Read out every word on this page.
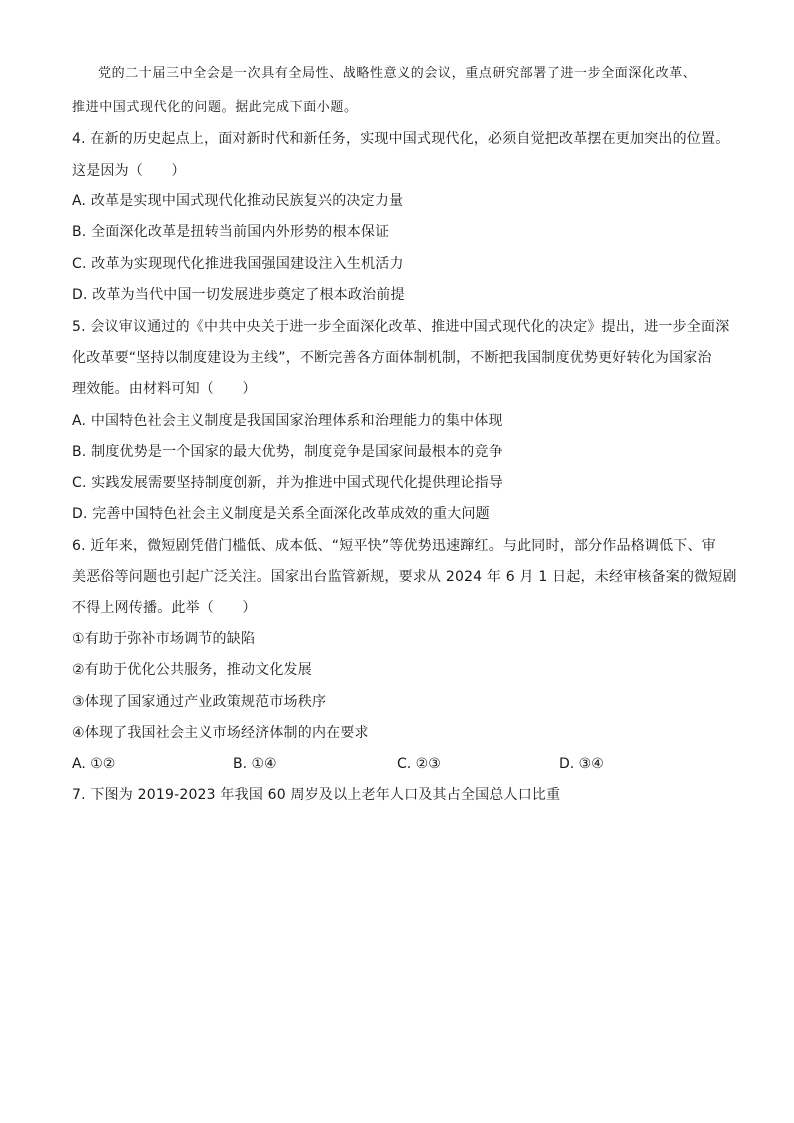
党的二十届三中全会是一次具有全局性、战略性意义的会议，重点研究部署了进一步全面深化改革、
推进中国式现代化的问题。据此完成下面小题。
4. 在新的历史起点上，面对新时代和新任务，实现中国式现代化，必须自觉把改革摆在更加突出的位置。
这是因为（　　）
A. 改革是实现中国式现代化推动民族复兴的决定力量
B. 全面深化改革是扭转当前国内外形势的根本保证
C. 改革为实现现代化推进我国强国建设注入生机活力
D. 改革为当代中国一切发展进步奠定了根本政治前提
5. 会议审议通过的《中共中央关于进一步全面深化改革、推进中国式现代化的决定》提出，进一步全面深
化改革要“坚持以制度建设为主线”，不断完善各方面体制机制，不断把我国制度优势更好转化为国家治
理效能。由材料可知（　　）
A. 中国特色社会主义制度是我国国家治理体系和治理能力的集中体现
B. 制度优势是一个国家的最大优势，制度竞争是国家间最根本的竞争
C. 实践发展需要坚持制度创新，并为推进中国式现代化提供理论指导
D. 完善中国特色社会主义制度是关系全面深化改革成效的重大问题
6. 近年来，微短剧凭借门槛低、成本低、“短平快”等优势迅速蹿红。与此同时，部分作品格调低下、审
美恶俗等问题也引起广泛关注。国家出台监管新规，要求从 2024 年 6 月 1 日起，未经审核备案的微短剧
不得上网传播。此举（　　）
①有助于弥补市场调节的缺陷
②有助于优化公共服务，推动文化发展
③体现了国家通过产业政策规范市场秩序
④体现了我国社会主义市场经济体制的内在要求
A. ①②	B. ①④	C. ②③	D. ③④
7. 下图为 2019-2023 年我国 60 周岁及以上老年人口及其占全国总人口比重
